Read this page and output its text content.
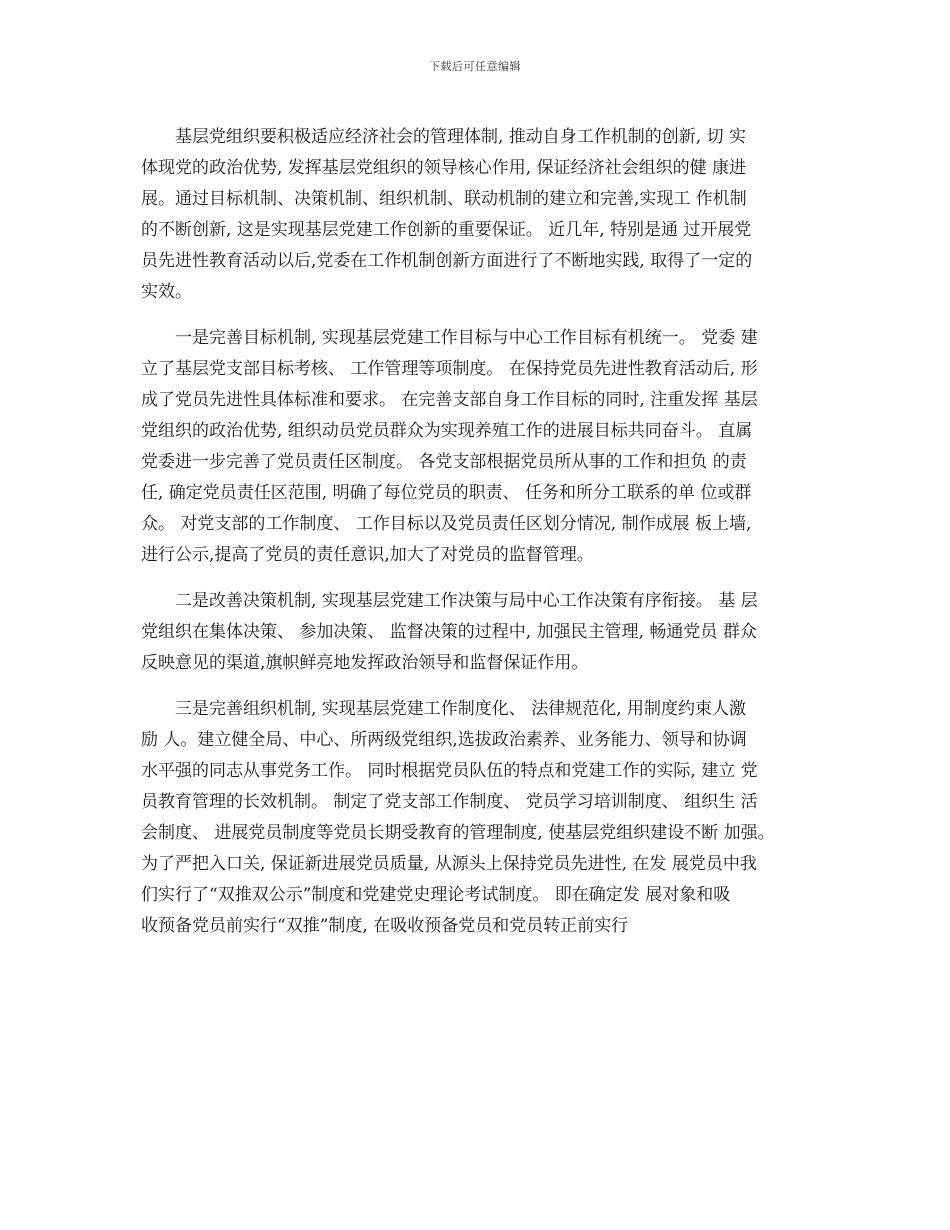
下载后可任意编辑
基层党组织要积极适应经济社会的管理体制, 推动自身工作机制的创新, 切 实
体现党的政治优势, 发挥基层党组织的领导核心作用, 保证经济社会组织的健 康进
展。通过目标机制、决策机制、组织机制、联动机制的建立和完善,实现工 作机制
的不断创新, 这是实现基层党建工作创新的重要保证。 近几年, 特别是通 过开展党
员先进性教育活动以后,党委在工作机制创新方面进行了不断地实践, 取得了一定的
实效。
一是完善目标机制, 实现基层党建工作目标与中心工作目标有机统一。 党委 建
立了基层党支部目标考核、 工作管理等项制度。 在保持党员先进性教育活动后, 形
成了党员先进性具体标准和要求。 在完善支部自身工作目标的同时, 注重发挥 基层
党组织的政治优势, 组织动员党员群众为实现养殖工作的进展目标共同奋斗。 直属
党委进一步完善了党员责任区制度。 各党支部根据党员所从事的工作和担负 的责
任, 确定党员责任区范围, 明确了每位党员的职责、 任务和所分工联系的单 位或群
众。 对党支部的工作制度、 工作目标以及党员责任区划分情况, 制作成展 板上墙,
进行公示,提高了党员的责任意识,加大了对党员的监督管理。
二是改善决策机制, 实现基层党建工作决策与局中心工作决策有序衔接。 基 层
党组织在集体决策、 参加决策、 监督决策的过程中, 加强民主管理, 畅通党员 群众
反映意见的渠道,旗帜鲜亮地发挥政治领导和监督保证作用。
三是完善组织机制, 实现基层党建工作制度化、 法律规范化, 用制度约束人激
励 人。建立健全局、中心、所两级党组织,选拔政治素养、业务能力、领导和协调
水平强的同志从事党务工作。 同时根据党员队伍的特点和党建工作的实际, 建立 党
员教育管理的长效机制。 制定了党支部工作制度、 党员学习培训制度、 组织生 活
会制度、 进展党员制度等党员长期受教育的管理制度, 使基层党组织建设不断 加强。
为了严把入口关, 保证新进展党员质量, 从源头上保持党员先进性, 在发 展党员中我
们实行了“双推双公示”制度和党建党史理论考试制度。 即在确定发 展对象和吸
收预备党员前实行“双推”制度, 在吸收预备党员和党员转正前实行
